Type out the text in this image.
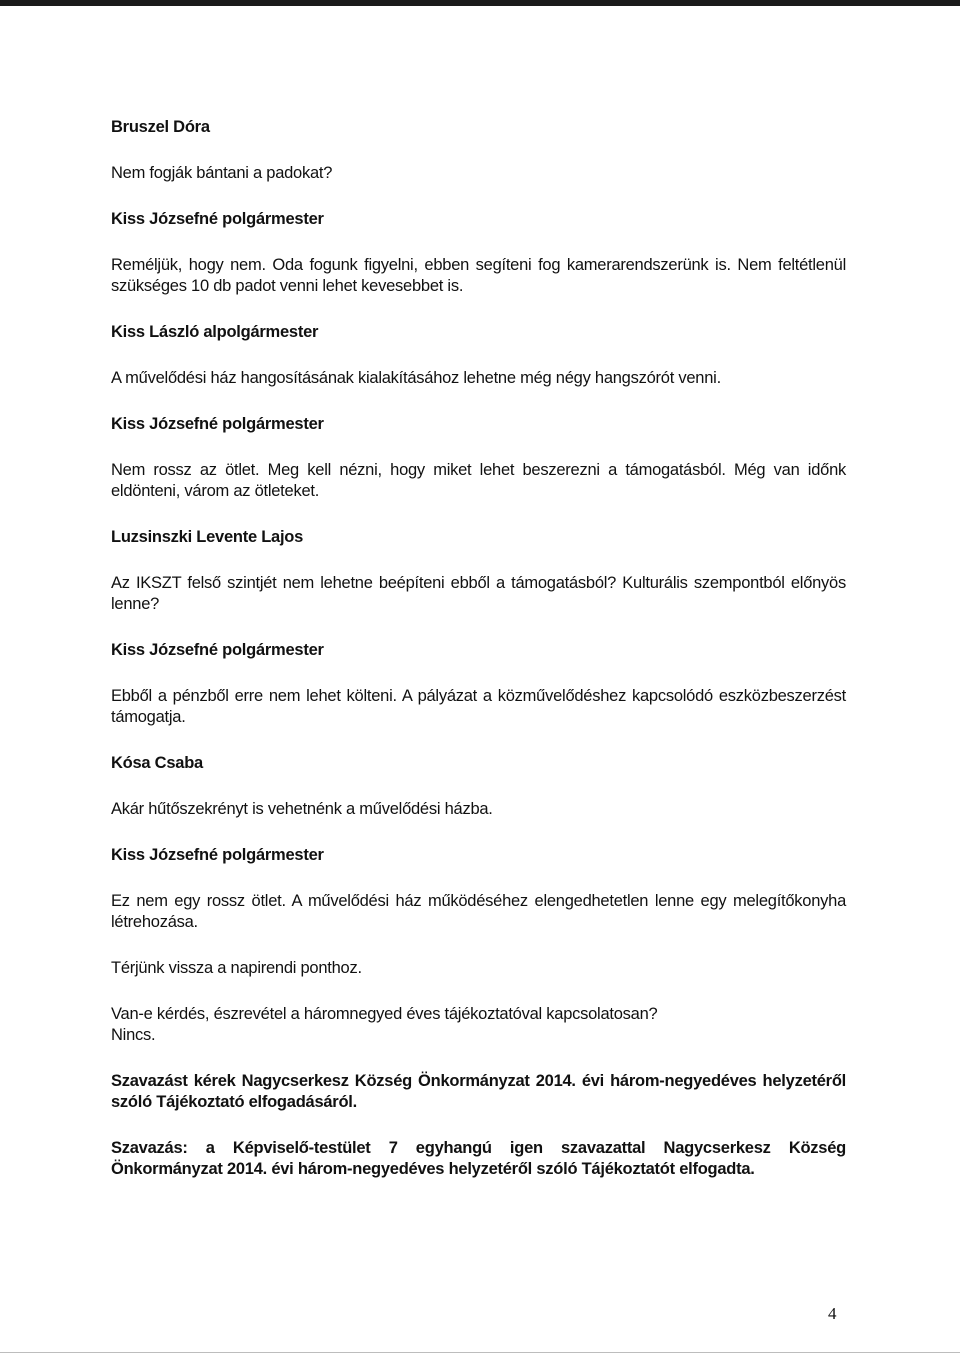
Bruszel Dóra

Nem fogják bántani a padokat?

Kiss Józsefné polgármester

Reméljük, hogy nem. Oda fogunk figyelni, ebben segíteni fog kamerarendszerünk is. Nem feltétlenül szükséges 10 db padot venni lehet kevesebbet is.

Kiss László alpolgármester

A művelődési ház hangosításának kialakításához lehetne még négy hangszórót venni.

Kiss Józsefné polgármester

Nem rossz az ötlet. Meg kell nézni, hogy miket lehet beszerezni a támogatásból. Még van időnk eldönteni, várom az ötleteket.

Luzsinszki Levente Lajos

Az IKSZT felső szintjét nem lehetne beépíteni ebből a támogatásból? Kulturális szempontból előnyös lenne?

Kiss Józsefné polgármester

Ebből a pénzből erre nem lehet költeni. A pályázat a közművelődéshez kapcsolódó eszközbeszerzést támogatja.

Kósa Csaba

Akár hűtőszekrényt is vehetnénk a művelődési házba.

Kiss Józsefné polgármester

Ez nem egy rossz ötlet. A művelődési ház működéséhez elengedhetetlen lenne egy melegítőkonyha létrehozása.

Térjünk vissza a napirendi ponthoz.

Van-e kérdés, észrevétel a háromnegyed éves tájékoztatóval kapcsolatosan?

Nincs.

Szavazást kérek Nagycserkesz Község Önkormányzat 2014. évi három-negyedéves helyzetéről szóló Tájékoztató elfogadásáról.

Szavazás: a Képviselő-testület 7 egyhangú igen szavazattal Nagycserkesz Község Önkormányzat 2014. évi három-negyedéves helyzetéről szóló Tájékoztatót elfogadta.

4
